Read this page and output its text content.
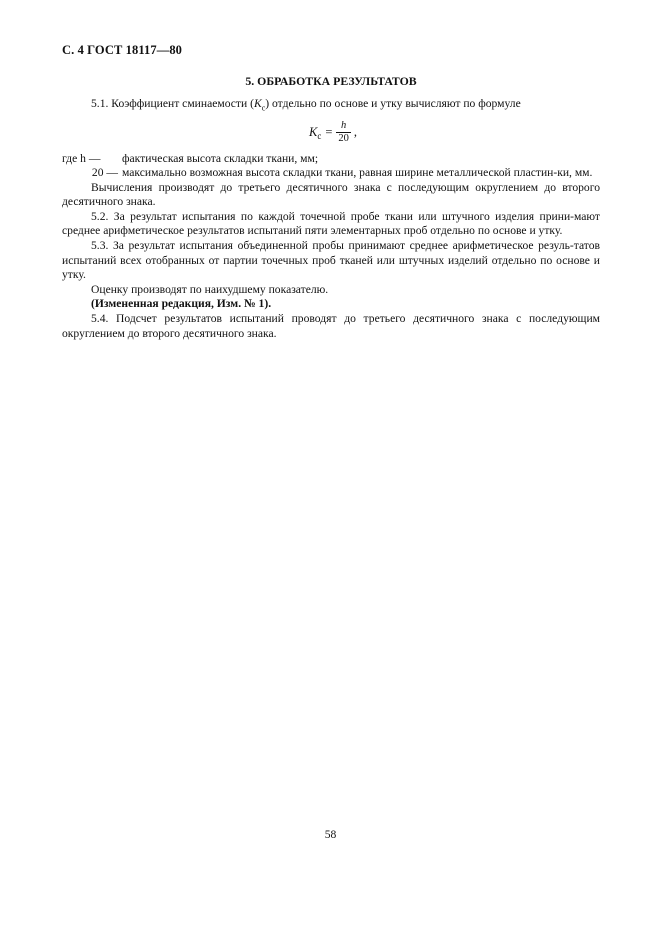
С. 4 ГОСТ 18117—80
5. ОБРАБОТКА РЕЗУЛЬТАТОВ

5.1. Коэффициент сминаемости $(K_c)$ отдельно по основе и утку вычисляют по формуле

K $c = \frac{h}{20}$ ,
где h —	фактическая высота складки ткани, мм;
20 — максимально возможная высота складки ткани, равная ширине металлической пластин-ки, мм.

Вычисления производят до третьего десятичного знака с последующим округлением до второго десятичного знака.

5.2. За результат испытания по каждой точечной пробе ткани или штучного изделия прини-мают среднее арифметическое результатов испытаний пяти элементарных проб отдельно по основе и утку.

5.3. За результат испытания объединенной пробы принимают среднее арифметическое резуль-татов испытаний всех отобранных от партии точечных проб тканей или штучных изделий отдельно по основе и утку.

Оценку производят по наихудшему показателю.

(Измененная редакция, Изм. № 1).

5.4. Подсчет результатов испытаний проводят до третьего десятичного знака с последующим округлением до второго десятичного знака.

58
